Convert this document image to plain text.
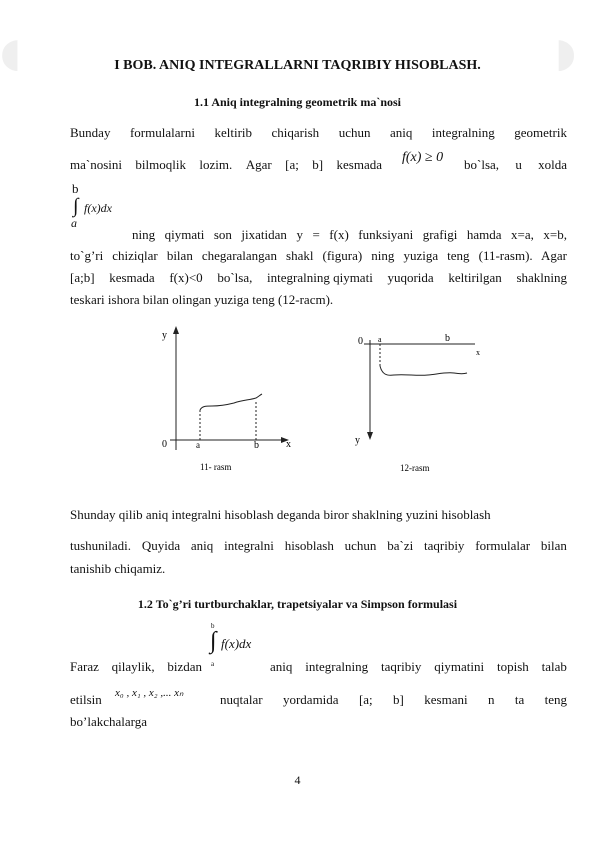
◖	◗
I BOB. ANIQ INTEGRALLARNI TAQRIBIY HISOBLASH.
1.1 Aniq integralning geometrik ma`nosi
Bunday formulalarni keltirib chiqarish uchun aniq integralning geometrik
ma`nosini bilmoqlik lozim. Agar [a; b] kesmada	bo`lsa, u xolda
f(x) ≥ 0
b
∫ f(x)dx
a
ning qiymati son jixatidan y = f(x) funksiyani grafigi hamda x=a, x=b,
to`g’ri chiziqlar bilan chegaralangan shakl (figura) ning yuziga teng (11-rasm). Agar
[a;b] kesmada f(x)<0 bo`lsa, integralning qiymati yuqorida keltirilgan shaklning
teskari ishora bilan olingan yuziga teng (12-racm).
y
x
0	a	b
11- rasm
0 a	b
x
y
12-rasm
Shunday qilib aniq integralni hisoblash deganda biror shaklning yuzini hisoblash
tushuniladi. Quyida aniq integralni hisoblash uchun ba`zi taqribiy formulalar bilan
tanishib chiqamiz.
1.2 To`g’ri turtburchaklar, trapetsiyalar va Simpson formulasi
b
∫ f(x)dx
a
Faraz qilaylik, bizdan	aniq integralning taqribiy qiymatini topish talab
etilsin x₀ , x₁ , x₂ ,... xₙ	nuqtalar yordamida [a; b] kesmani n ta teng
bo’lakchalarga
4
